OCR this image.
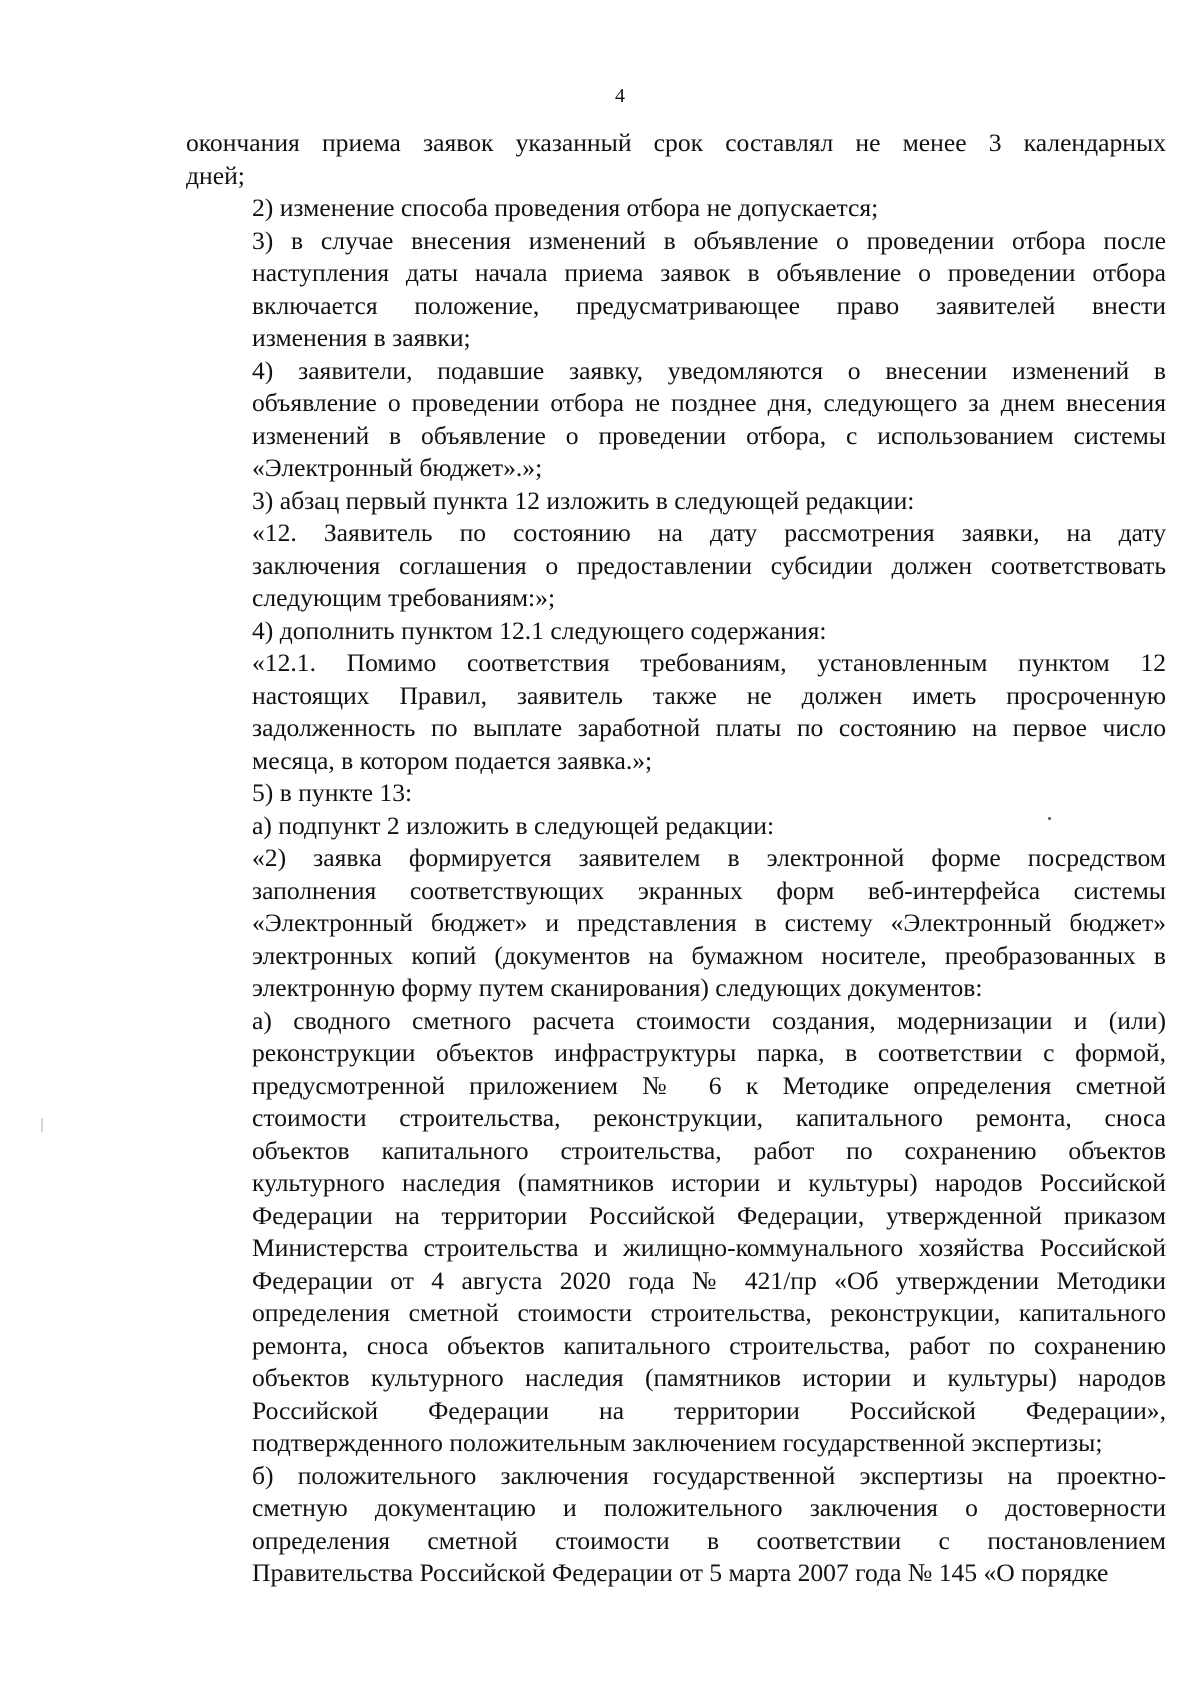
4
окончания приема заявок указанный срок составлял не менее 3 календарных
дней;
2) изменение способа проведения отбора не допускается;
3) в случае внесения изменений в объявление о проведении отбора после
наступления даты начала приема заявок в объявление о проведении отбора
включается положение, предусматривающее право заявителей внести
изменения в заявки;
4) заявители, подавшие заявку, уведомляются о внесении изменений в
объявление о проведении отбора не позднее дня, следующего за днем внесения
изменений в объявление о проведении отбора, с использованием системы
«Электронный бюджет».»;
3) абзац первый пункта 12 изложить в следующей редакции:
«12. Заявитель по состоянию на дату рассмотрения заявки, на дату
заключения соглашения о предоставлении субсидии должен соответствовать
следующим требованиям:»;
4) дополнить пунктом 12.1 следующего содержания:
«12.1. Помимо соответствия требованиям, установленным пунктом 12
настоящих Правил, заявитель также не должен иметь просроченную
задолженность по выплате заработной платы по состоянию на первое число
месяца, в котором подается заявка.»;
5) в пункте 13:
а) подпункт 2 изложить в следующей редакции:
«2) заявка формируется заявителем в электронной форме посредством
заполнения соответствующих экранных форм веб-интерфейса системы
«Электронный бюджет» и представления в систему «Электронный бюджет»
электронных копий (документов на бумажном носителе, преобразованных в
электронную форму путем сканирования) следующих документов:
а) сводного сметного расчета стоимости создания, модернизации и (или)
реконструкции объектов инфраструктуры парка, в соответствии с формой,
предусмотренной приложением № 6 к Методике определения сметной
стоимости строительства, реконструкции, капитального ремонта, сноса
объектов капитального строительства, работ по сохранению объектов
культурного наследия (памятников истории и культуры) народов Российской
Федерации на территории Российской Федерации, утвержденной приказом
Министерства строительства и жилищно-коммунального хозяйства Российской
Федерации от 4 августа 2020 года № 421/пр «Об утверждении Методики
определения сметной стоимости строительства, реконструкции, капитального
ремонта, сноса объектов капитального строительства, работ по сохранению
объектов культурного наследия (памятников истории и культуры) народов
Российской Федерации на территории Российской Федерации»,
подтвержденного положительным заключением государственной экспертизы;
б) положительного заключения государственной экспертизы на проектно-
сметную документацию и положительного заключения о достоверности
определения сметной стоимости в соответствии с постановлением
Правительства Российской Федерации от 5 марта 2007 года № 145 «О порядке
